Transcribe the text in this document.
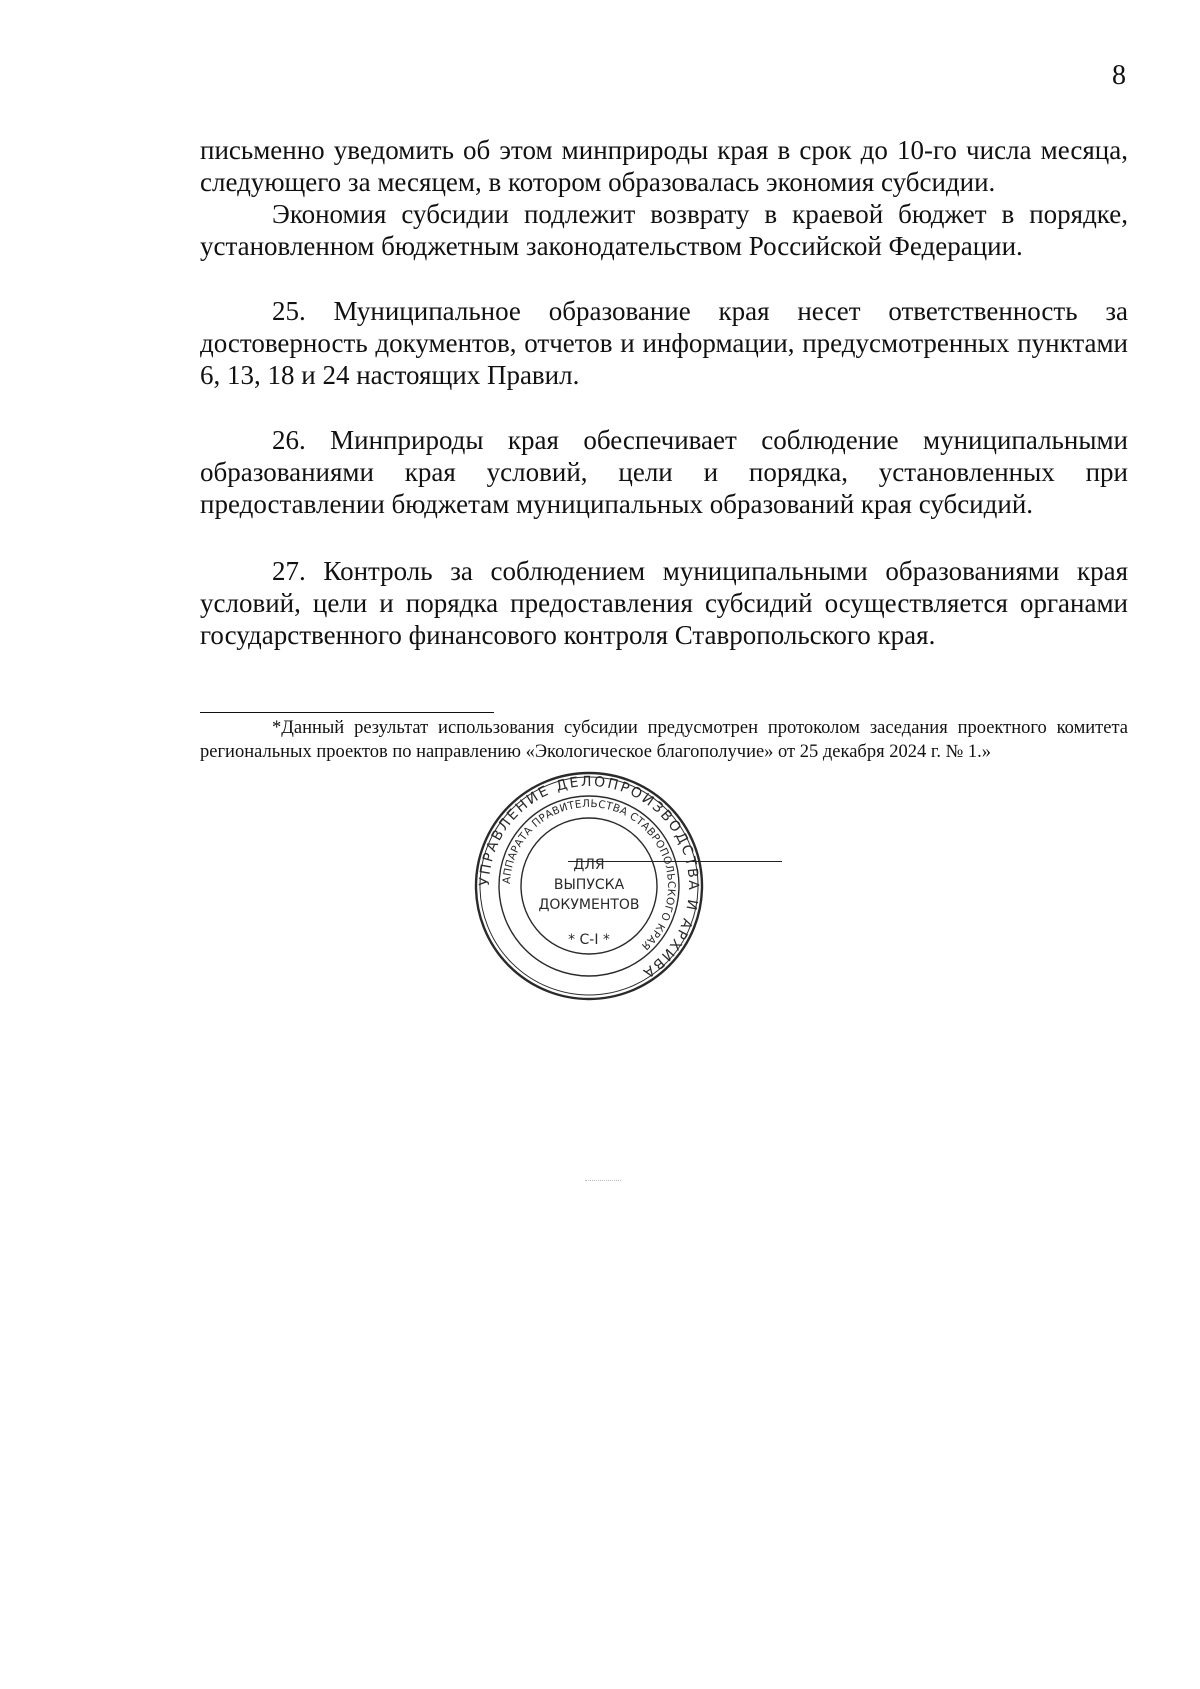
8

письменно уведомить об этом минприроды края в срок до 10-го числа месяца, следующего за месяцем, в котором образовалась экономия субсидии.

Экономия субсидии подлежит возврату в краевой бюджет в порядке, установленном бюджетным законодательством Российской Федерации.

25. Муниципальное образование края несет ответственность за достоверность документов, отчетов и информации, предусмотренных пунктами 6, 13, 18 и 24 настоящих Правил.

26. Минприроды края обеспечивает соблюдение муниципальными образованиями края условий, цели и порядка, установленных при предоставлении бюджетам муниципальных образований края субсидий.

27. Контроль за соблюдением муниципальными образованиями края условий, цели и порядка предоставления субсидий осуществляется органами государственного финансового контроля Ставропольского края.

*Данный результат использования субсидии предусмотрен протоколом заседания проектного комитета региональных проектов по направлению «Экологическое благополучие» от 25 декабря 2024 г. № 1.»

УПРАВЛЕНИЕ ДЕЛОПРОИЗВОДСТВА И АРХИВА
АППАРАТА ПРАВИТЕЛЬСТВА СТАВРОПОЛЬСКОГО КРАЯ
ДЛЯ
ВЫПУСКА
ДОКУМЕНТОВ
* С-I *
